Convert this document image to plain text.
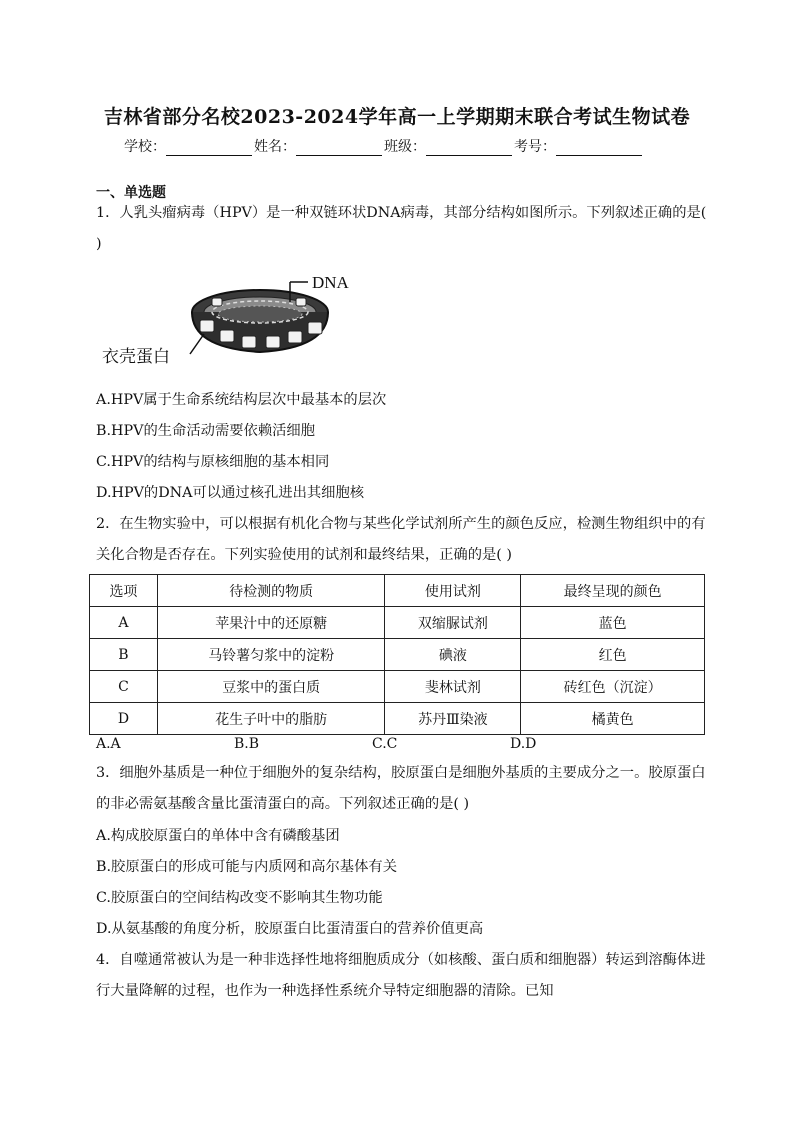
吉林省部分名校2023-2024学年高一上学期期末联合考试生物试卷
学校：	姓名：	班级：	考号：
一、单选题
1．人乳头瘤病毒（HPV）是一种双链环状DNA病毒，其部分结构如图所示。下列叙述正确的是( )
DNA
衣壳蛋白
A.HPV属于生命系统结构层次中最基本的层次
B.HPV的生命活动需要依赖活细胞
C.HPV的结构与原核细胞的基本相同
D.HPV的DNA可以通过核孔进出其细胞核
2．在生物实验中，可以根据有机化合物与某些化学试剂所产生的颜色反应，检测生物组织中的有关化合物是否存在。下列实验使用的试剂和最终结果，正确的是( )
选项	待检测的物质	使用试剂	最终呈现的颜色
A	苹果汁中的还原糖	双缩脲试剂	蓝色
B	马铃薯匀浆中的淀粉	碘液	红色
C	豆浆中的蛋白质	斐林试剂	砖红色（沉淀）
D	花生子叶中的脂肪	苏丹Ⅲ染液	橘黄色
A.A	B.B	C.C	D.D
3．细胞外基质是一种位于细胞外的复杂结构，胶原蛋白是细胞外基质的主要成分之一。胶原蛋白的非必需氨基酸含量比蛋清蛋白的高。下列叙述正确的是( )
A.构成胶原蛋白的单体中含有磷酸基团
B.胶原蛋白的形成可能与内质网和高尔基体有关
C.胶原蛋白的空间结构改变不影响其生物功能
D.从氨基酸的角度分析，胶原蛋白比蛋清蛋白的营养价值更高
4．自噬通常被认为是一种非选择性地将细胞质成分（如核酸、蛋白质和细胞器）转运到溶酶体进行大量降解的过程，也作为一种选择性系统介导特定细胞器的清除。已知
